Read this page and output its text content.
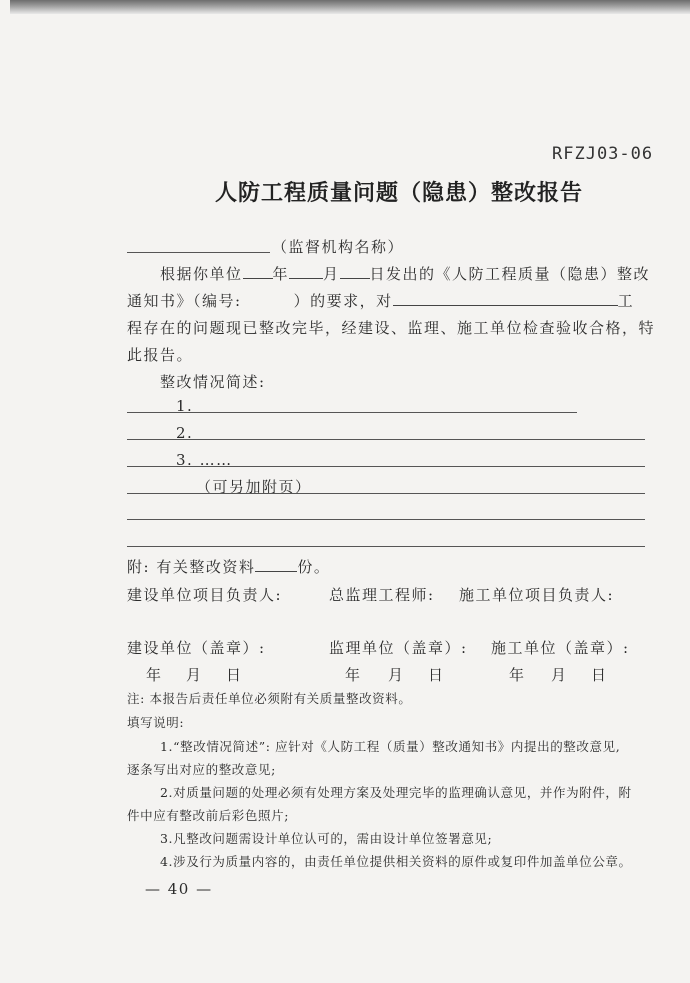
RFZJ03-06
人防工程质量问题（隐患）整改报告
（监督机构名称）
根据你单位 年 月 日发出的《人防工程质量（隐患）整改
通知书》（编号:	）的要求，对	工
程存在的问题现已整改完毕，经建设、监理、施工单位检查验收合格，特
此报告。
整改情况简述:
1.
2.
3. ……
（可另加附页）
附: 有关整改资料	份。
建设单位项目负责人:	总监理工程师: 施工单位项目负责人:
建设单位（盖章）:	监理单位（盖章）: 施工单位（盖章）:
年 月 日	年 月 日	年 月 日
注: 本报告后责任单位必须附有关质量整改资料。
填写说明:
1.“整改情况简述”: 应针对《人防工程（质量）整改通知书》内提出的整改意见,
逐条写出对应的整改意见;
2.对质量问题的处理必须有处理方案及处理完毕的监理确认意见，并作为附件，附
件中应有整改前后彩色照片;
3.凡整改问题需设计单位认可的，需由设计单位签署意见;
4.涉及行为质量内容的，由责任单位提供相关资料的原件或复印件加盖单位公章。
— 40 —
